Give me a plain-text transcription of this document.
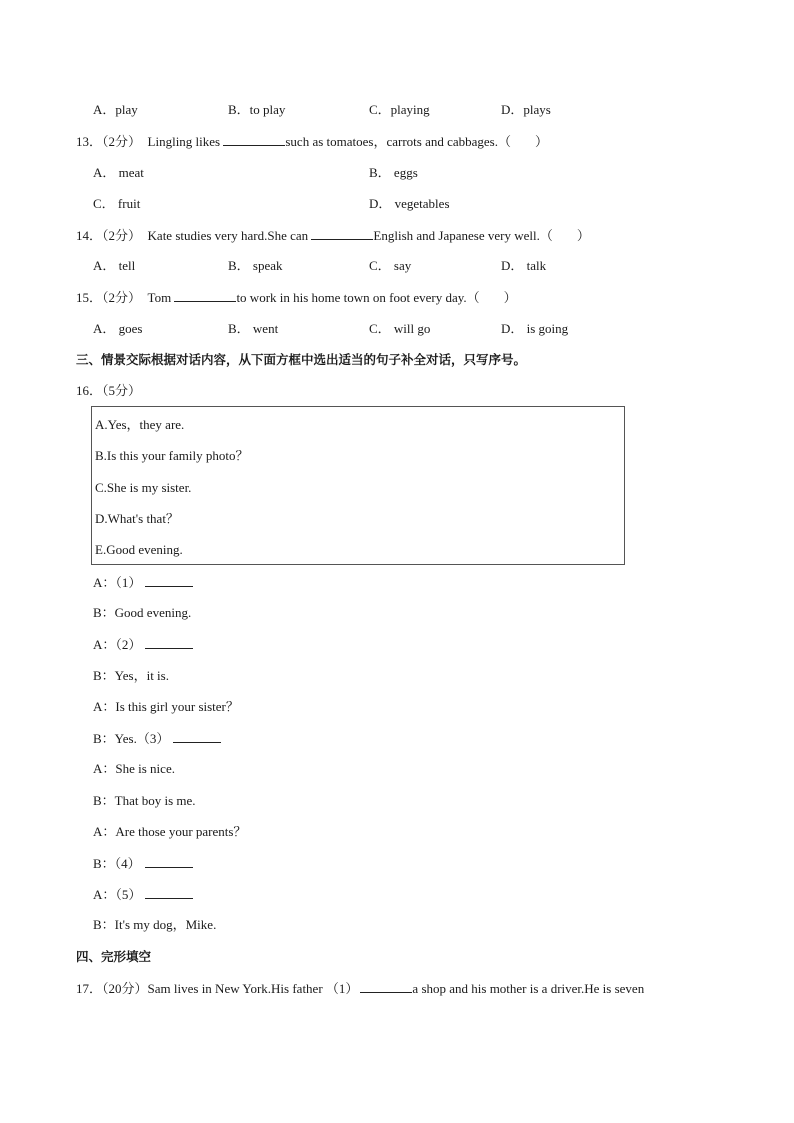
A．play	B．to play	C．playing	D．plays
13．（2分） Lingling likes	such as tomatoes，carrots and cabbages.（ ）
A． meat	B． eggs
C． fruit	D． vegetables
14．（2分） Kate studies very hard.She can	English and Japanese very well.（ ）
A． tell	B． speak	C． say	D． talk
15．（2分） Tom	to work in his home town on foot every day.（ ）
A． goes	B． went	C． will go	D． is going
三、情景交际根据对话内容，从下面方框中选出适当的句子补全对话，只写序号。
16．（5分）
A.Yes，they are.
B.Is this your family photo？
C.She is my sister.
D.What's that？
E.Good evening.
A：（1）
B：Good evening.
A：（2）
B：Yes，it is.
A：Is this girl your sister？
B：Yes.（3）
A：She is nice.
B：That boy is me.
A：Are those your parents？
B：（4）
A：（5）
B：It's my dog，Mike.
四、完形填空
17．（20分）Sam lives in New York.His father （1）	a shop and his mother is a driver.He is seven
